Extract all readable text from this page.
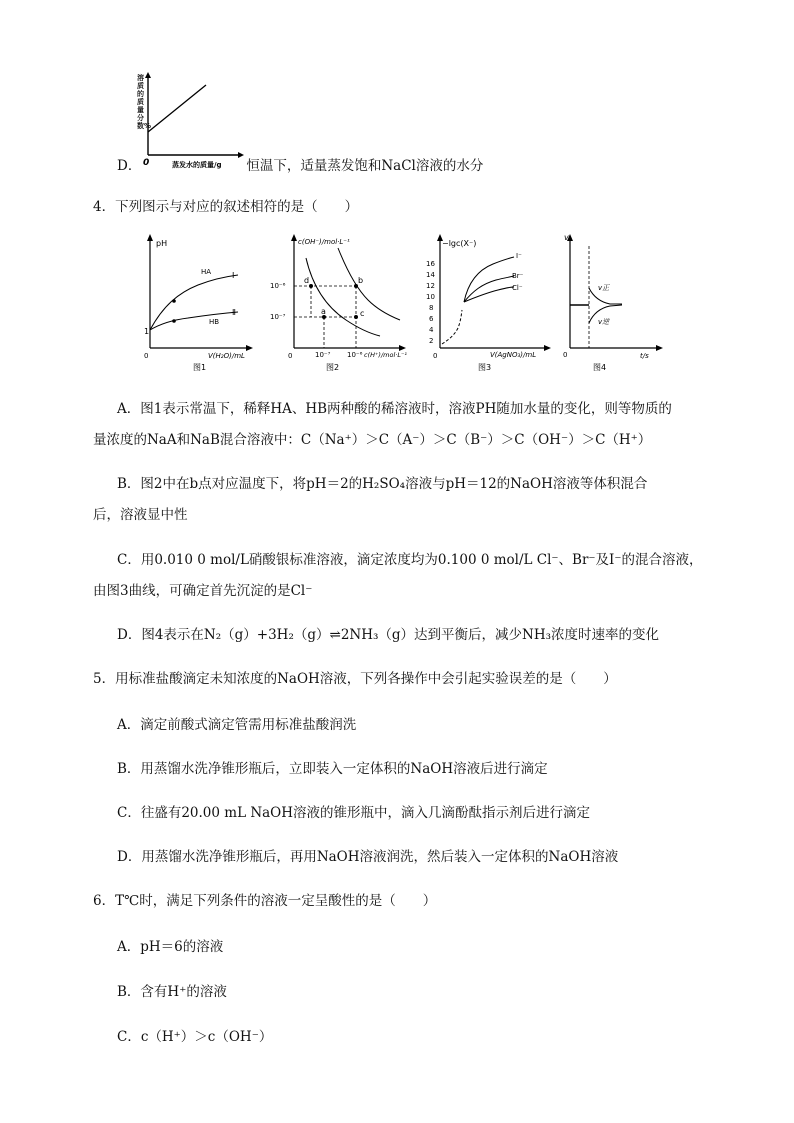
0	蒸发水的质量/g
溶质的质量分数%
D．	恒温下，适量蒸发饱和NaCl溶液的水分
4．下列图示与对应的叙述相符的是（　　）
pH
0
1
HA	Ⅰ
HB
Ⅱ
V(H₂O)/mL
图1
c(OH⁻)/mol·L⁻¹
0
d	b
a	c
10⁻⁶
10⁻⁷
10⁻⁷ 10⁻⁶ c(H⁺)/mol·L⁻¹
图2
−lgc(X⁻)
0
16
14
12
10
8
6
4
2
I⁻
Br⁻
Cl⁻
V(AgNO₃)/mL
图3
v
0
v正
v逆
t/s
图4
A．图1表示常温下，稀释HA、HB两种酸的稀溶液时，溶液PH随加水量的变化，则等物质的
量浓度的NaA和NaB混合溶液中：C（Na⁺）＞C（A⁻）＞C（B⁻）＞C（OH⁻）＞C（H⁺）
B．图2中在b点对应温度下，将pH＝2的H₂SO₄溶液与pH＝12的NaOH溶液等体积混合
后，溶液显中性
C．用0.010 0 mol/L硝酸银标准溶液，滴定浓度均为0.100 0 mol/L Cl⁻、Br⁻及I⁻的混合溶液，
由图3曲线，可确定首先沉淀的是Cl⁻
D．图4表示在N₂（g）+3H₂（g）⇌2NH₃（g）达到平衡后，减少NH₃浓度时速率的变化
5．用标准盐酸滴定未知浓度的NaOH溶液，下列各操作中会引起实验误差的是（　　）
A．滴定前酸式滴定管需用标准盐酸润洗
B．用蒸馏水洗净锥形瓶后，立即装入一定体积的NaOH溶液后进行滴定
C．往盛有20.00 mL NaOH溶液的锥形瓶中，滴入几滴酚酞指示剂后进行滴定
D．用蒸馏水洗净锥形瓶后，再用NaOH溶液润洗，然后装入一定体积的NaOH溶液
6．T℃时，满足下列条件的溶液一定呈酸性的是（　　）
A．pH＝6的溶液
B．含有H⁺的溶液
C．c（H⁺）＞c（OH⁻）
